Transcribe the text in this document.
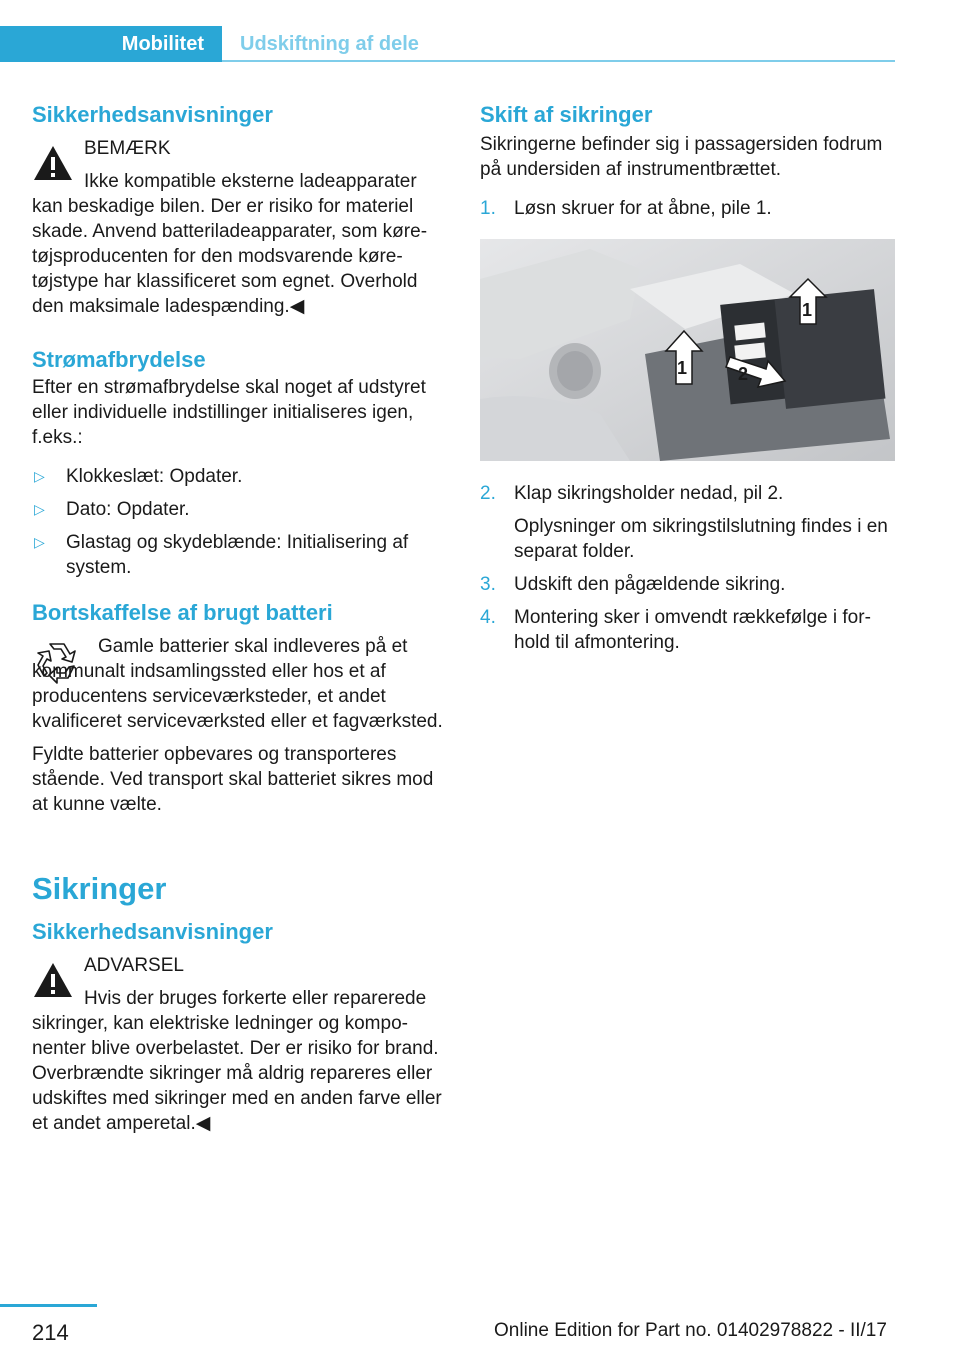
Mobilitet	Udskiftning af dele
Sikkerhedsanvisninger

BEMÆRK

Ikke kompatible eksterne ladeapparater kan beskadige bilen. Der er risiko for materiel skade. Anvend batteriladeapparater, som køretøjsproducenten for den modsvarende køretøjstype har klassificeret som egnet. Overhold den maksimale ladespænding.◀

Strømafbrydelse

Efter en strømafbrydelse skal noget af udstyret eller individuelle indstillinger initialiseres igen, f.eks.:

▷ Klokkeslæt: Opdater.
▷ Dato: Opdater.
▷ Glastag og skydeblænde: Initialisering af system.
Bortskaffelse af brugt batteri

Gamle batterier skal indleveres på et kommunalt indsamlingssted eller hos et af producentens serviceværksteder, et andet kvalificeret serviceværksted eller et fagværksted.

Fyldte batterier opbevares og transporteres stående. Ved transport skal batteriet sikres mod at kunne vælte.

Sikringer
Sikkerhedsanvisninger

ADVARSEL

Hvis der bruges forkerte eller reparerede sikringer, kan elektriske ledninger og komponenter blive overbelastet. Der er risiko for brand. Overbrændte sikringer må aldrig repareres eller udskiftes med sikringer med en anden farve eller et andet amperetal.◀

Skift af sikringer

Sikringerne befinder sig i passagersiden fodrum på undersiden af instrumentbrættet.

1. Løsn skruer for at åbne, pile 1.
1
1
2
2. Klap sikringsholder nedad, pil 2.
Oplysninger om sikringstilslutning findes i en separat folder.
3. Udskift den pågældende sikring.
4. Montering sker i omvendt rækkefølge i forhold til afmontering.
214	Online Edition for Part no. 01402978822 - II/17
